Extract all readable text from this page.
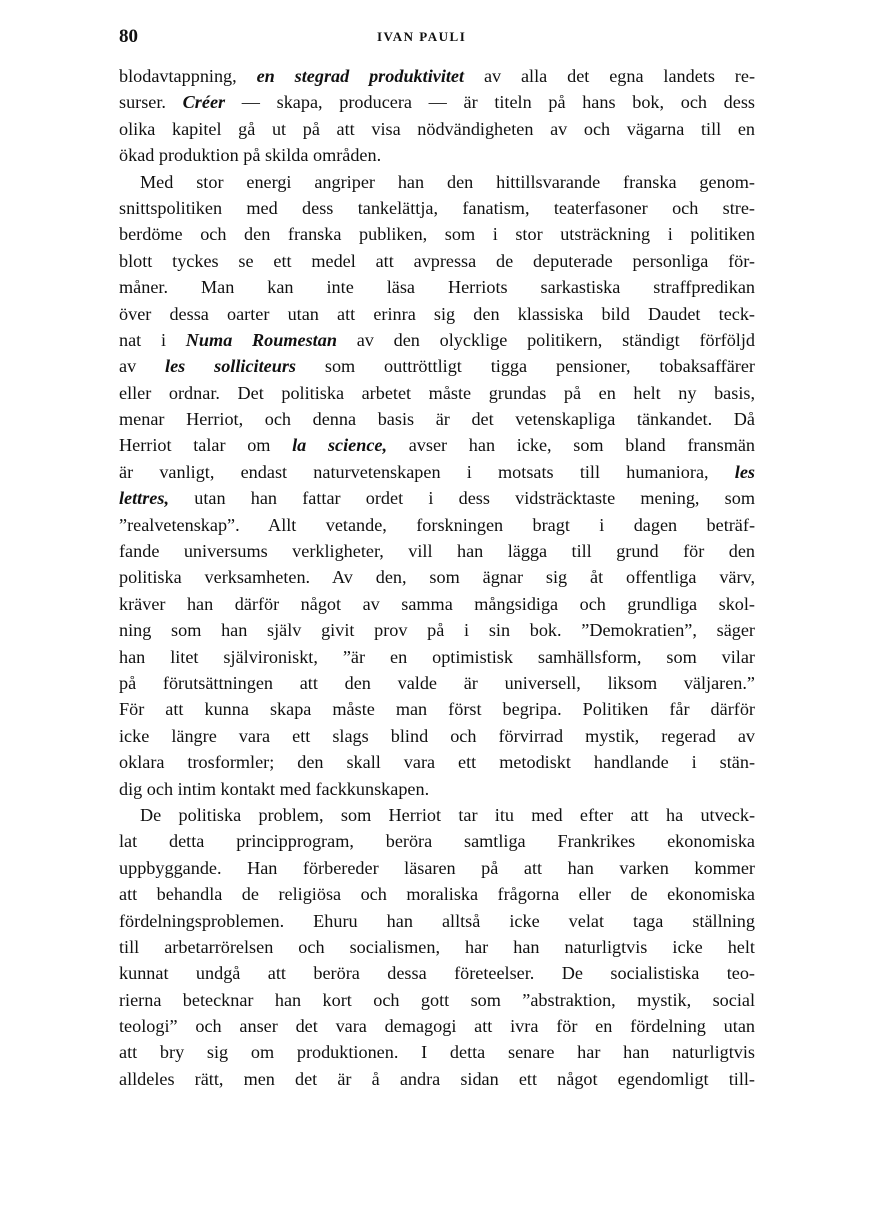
80	IVAN PAULI
blodavtappning, en stegrad produktivitet av alla det egna landets re-
surser. Créer — skapa, producera — är titeln på hans bok, och dess
olika kapitel gå ut på att visa nödvändigheten av och vägarna till en
ökad produktion på skilda områden.
Med stor energi angriper han den hittillsvarande franska genom-
snittspolitiken med dess tankelättja, fanatism, teaterfasoner och stre-
berdöme och den franska publiken, som i stor utsträckning i politiken
blott tyckes se ett medel att avpressa de deputerade personliga för-
måner. Man kan inte läsa Herriots sarkastiska straffpredikan
över dessa oarter utan att erinra sig den klassiska bild Daudet teck-
nat i Numa Roumestan av den olycklige politikern, ständigt förföljd
av les solliciteurs som outtröttligt tigga pensioner, tobaksaffärer
eller ordnar. Det politiska arbetet måste grundas på en helt ny basis,
menar Herriot, och denna basis är det vetenskapliga tänkandet. Då
Herriot talar om la science, avser han icke, som bland fransmän
är vanligt, endast naturvetenskapen i motsats till humaniora, les
lettres, utan han fattar ordet i dess vidsträcktaste mening, som
”realvetenskap”. Allt vetande, forskningen bragt i dagen beträf-
fande universums verkligheter, vill han lägga till grund för den
politiska verksamheten. Av den, som ägnar sig åt offentliga värv,
kräver han därför något av samma mångsidiga och grundliga skol-
ning som han själv givit prov på i sin bok. ”Demokratien”, säger
han litet självironiskt, ”är en optimistisk samhällsform, som vilar
på förutsättningen att den valde är universell, liksom väljaren.”
För att kunna skapa måste man först begripa. Politiken får därför
icke längre vara ett slags blind och förvirrad mystik, regerad av
oklara trosformler; den skall vara ett metodiskt handlande i stän-
dig och intim kontakt med fackkunskapen.
De politiska problem, som Herriot tar itu med efter att ha utveck-
lat detta principprogram, beröra samtliga Frankrikes ekonomiska
uppbyggande. Han förbereder läsaren på att han varken kommer
att behandla de religiösa och moraliska frågorna eller de ekonomiska
fördelningsproblemen. Ehuru han alltså icke velat taga ställning
till arbetarrörelsen och socialismen, har han naturligtvis icke helt
kunnat undgå att beröra dessa företeelser. De socialistiska teo-
rierna betecknar han kort och gott som ”abstraktion, mystik, social
teologi” och anser det vara demagogi att ivra för en fördelning utan
att bry sig om produktionen. I detta senare har han naturligtvis
alldeles rätt, men det är å andra sidan ett något egendomligt till-
